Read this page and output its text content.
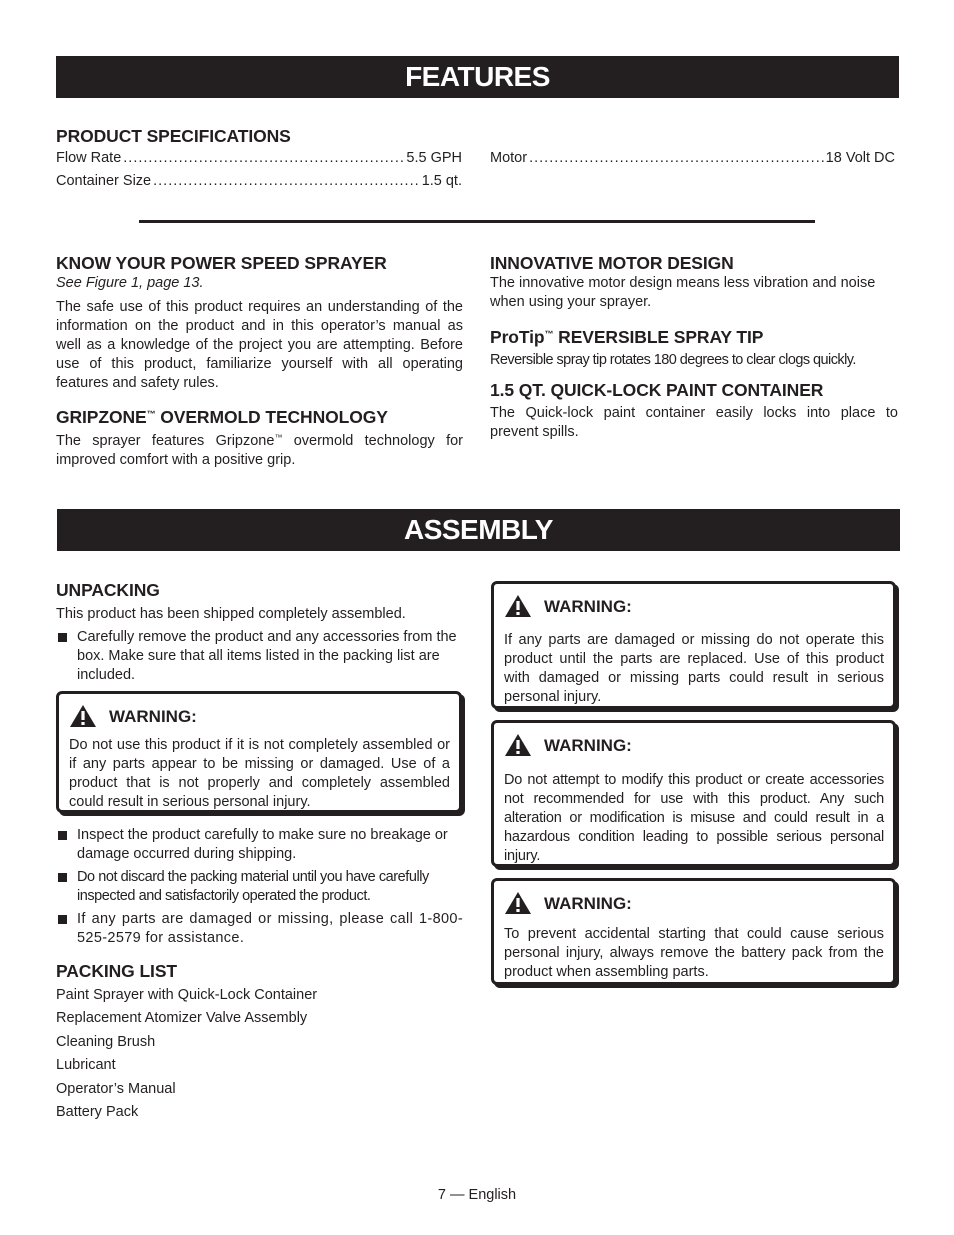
FEATURES
PRODUCT SPECIFICATIONS
Flow Rate .....	5.5 GPH
Container Size .....	1.5 qt.
Motor .....	18 Volt DC
KNOW YOUR POWER SPEED SPRAYER

See Figure 1, page 13.

The safe use of this product requires an understanding of the information on the product and in this operator’s manual as well as a knowledge of the project you are attempting. Before use of this product, familiarize yourself with all operating features and safety rules.

GRIPZONE™ OVERMOLD TECHNOLOGY

The sprayer features Gripzone™ overmold technology for improved comfort with a positive grip.

INNOVATIVE MOTOR DESIGN

The innovative motor design means less vibration and noise when using your sprayer.

ProTip™ REVERSIBLE SPRAY TIP

Reversible spray tip rotates 180 degrees to clear clogs quickly.

1.5 QT. QUICK-LOCK PAINT CONTAINER

The Quick-lock paint container easily locks into place to prevent spills.

ASSEMBLY
UNPACKING

This product has been shipped completely assembled.

Carefully remove the product and any accessories from the box. Make sure that all items listed in the packing list are included.
WARNING:

Do not use this product if it is not completely assembled or if any parts appear to be missing or damaged. Use of a product that is not properly and completely assembled could result in serious personal injury.

Inspect the product carefully to make sure no breakage or damage occurred during shipping.
Do not discard the packing material until you have carefully inspected and satisfactorily operated the product.
If any parts are damaged or missing, please call 1-800-525-2579 for assistance.
PACKING LIST
Paint Sprayer with Quick-Lock Container
Replacement Atomizer Valve Assembly
Cleaning Brush
Lubricant
Operator’s Manual
Battery Pack
WARNING:

If any parts are damaged or missing do not operate this product until the parts are replaced. Use of this product with damaged or missing parts could result in serious personal injury.

WARNING:

Do not attempt to modify this product or create accessories not recommended for use with this product. Any such alteration or modification is misuse and could result in a hazardous condition leading to possible serious personal injury.

WARNING:

To prevent accidental starting that could cause serious personal injury, always remove the battery pack from the product when assembling parts.

7 — English
